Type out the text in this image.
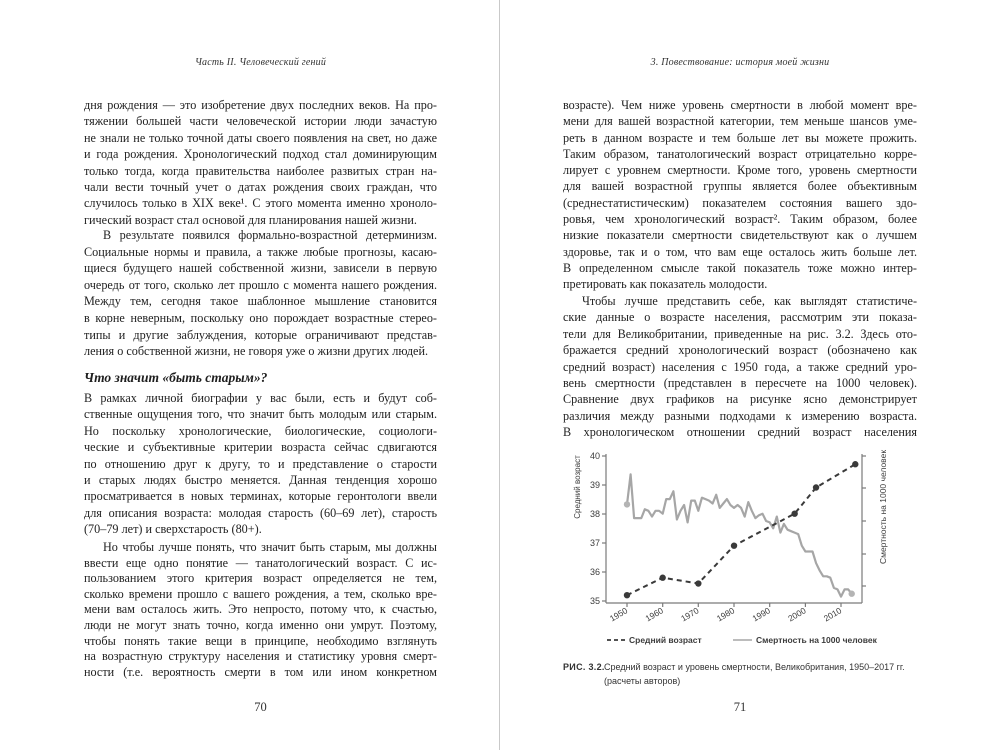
Часть II. Человеческий гений
дня рождения — это изобретение двух последних веков. На про-
тяжении большей части человеческой истории люди зачастую
не знали не только точной даты своего появления на свет, но даже
и года рождения. Хронологический подход стал доминирующим
только тогда, когда правительства наиболее развитых стран на-
чали вести точный учет о датах рождения своих граждан, что
случилось только в XIX веке¹. С этого момента именно хроноло-
гический возраст стал основой для планирования нашей жизни.
В результате появился формально-возрастной детерминизм.
Социальные нормы и правила, а также любые прогнозы, касаю-
щиеся будущего нашей собственной жизни, зависели в первую
очередь от того, сколько лет прошло с момента нашего рождения.
Между тем, сегодня такое шаблонное мышление становится
в корне неверным, поскольку оно порождает возрастные стерео-
типы и другие заблуждения, которые ограничивают представ-
ления о собственной жизни, не говоря уже о жизни других людей.
Что значит «быть старым»?
В рамках личной биографии у вас были, есть и будут соб-
ственные ощущения того, что значит быть молодым или старым.
Но поскольку хронологические, биологические, социологи-
ческие и субъективные критерии возраста сейчас сдвигаются
по отношению друг к другу, то и представление о старости
и старых людях быстро меняется. Данная тенденция хорошо
просматривается в новых терминах, которые геронтологи ввели
для описания возраста: молодая старость (60–69 лет), старость
(70–79 лет) и сверхстарость (80+).
Но чтобы лучше понять, что значит быть старым, мы должны
ввести еще одно понятие — танатологический возраст. С ис-
пользованием этого критерия возраст определяется не тем,
сколько времени прошло с вашего рождения, а тем, сколько вре-
мени вам осталось жить. Это непросто, потому что, к счастью,
люди не могут знать точно, когда именно они умрут. Поэтому,
чтобы понять такие вещи в принципе, необходимо взглянуть
на возрастную структуру населения и статистику уровня смерт-
ности (т.е. вероятность смерти в том или ином конкретном
70
3. Повествование: история моей жизни
возрасте). Чем ниже уровень смертности в любой момент вре-
мени для вашей возрастной категории, тем меньше шансов уме-
реть в данном возрасте и тем больше лет вы можете прожить.
Таким образом, танатологический возраст отрицательно корре-
лирует с уровнем смертности. Кроме того, уровень смертности
для вашей возрастной группы является более объективным
(среднестатистическим) показателем состояния вашего здо-
ровья, чем хронологический возраст². Таким образом, более
низкие показатели смертности свидетельствуют как о лучшем
здоровье, так и о том, что вам еще осталось жить больше лет.
В определенном смысле такой показатель тоже можно интер-
претировать как показатель молодости.
Чтобы лучше представить себе, как выглядят статистиче-
ские данные о возрасте населения, рассмотрим эти показа-
тели для Великобритании, приведенные на рис. 3.2. Здесь ото-
бражается средний хронологический возраст (обозначено как
средний возраст) населения с 1950 года, а также средний уро-
вень смертности (представлен в пересчете на 1000 человек).
Сравнение двух графиков на рисунке ясно демонстрирует
различия между разными подходами к измерению возраста.
В хронологическом отношении средний возраст населения
71
35
36
37
38
39
40
1950 1960 1970 1980 1990 2000 2010
Средний возраст	Смертность на 1000 человек
Средний возраст	Смертность на 1000 человек
РИС. 3.2. Средний возраст и уровень смертности, Великобритания, 1950–2017 гг.
(расчеты авторов)
